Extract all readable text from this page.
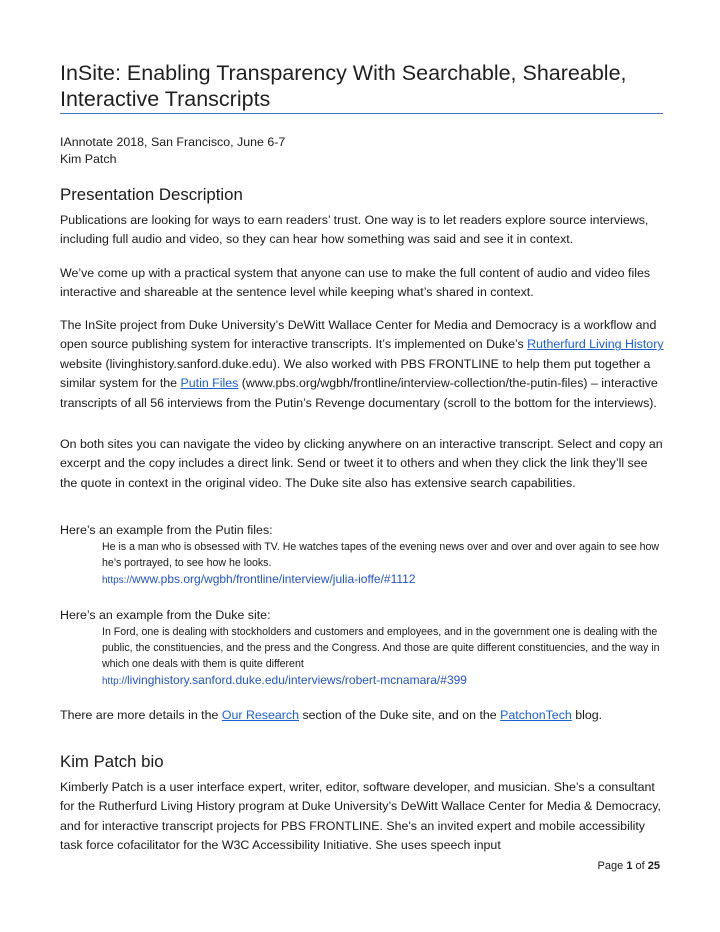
InSite: Enabling Transparency With Searchable, Shareable, Interactive Transcripts
IAnnotate 2018, San Francisco, June 6-7
Kim Patch
Presentation Description

Publications are looking for ways to earn readers’ trust. One way is to let readers explore source interviews, including full audio and video, so they can hear how something was said and see it in context.

We’ve come up with a practical system that anyone can use to make the full content of audio and video files interactive and shareable at the sentence level while keeping what’s shared in context.

The InSite project from Duke University’s DeWitt Wallace Center for Media and Democracy is a workflow and open source publishing system for interactive transcripts. It’s implemented on Duke’s Rutherfurd Living History website (livinghistory.sanford.duke.edu). We also worked with PBS FRONTLINE to help them put together a similar system for the Putin Files (www.pbs.org/wgbh/frontline/interview-collection/the-putin-files) – interactive transcripts of all 56 interviews from the Putin’s Revenge documentary (scroll to the bottom for the interviews).

On both sites you can navigate the video by clicking anywhere on an interactive transcript. Select and copy an excerpt and the copy includes a direct link. Send or tweet it to others and when they click the link they’ll see the quote in context in the original video. The Duke site also has extensive search capabilities.

Here’s an example from the Putin files:

He is a man who is obsessed with TV. He watches tapes of the evening news over and over and over again to see how he’s portrayed, to see how he looks.

https://www.pbs.org/wgbh/frontline/interview/julia-ioffe/#1112

Here’s an example from the Duke site:

In Ford, one is dealing with stockholders and customers and employees, and in the government one is dealing with the public, the constituencies, and the press and the Congress. And those are quite different constituencies, and the way in which one deals with them is quite different

http://livinghistory.sanford.duke.edu/interviews/robert-mcnamara/#399

There are more details in the Our Research section of the Duke site, and on the PatchonTech blog.

Kim Patch bio

Kimberly Patch is a user interface expert, writer, editor, software developer, and musician. She’s a consultant for the Rutherfurd Living History program at Duke University’s DeWitt Wallace Center for Media & Democracy, and for interactive transcript projects for PBS FRONTLINE. She's an invited expert and mobile accessibility task force cofacilitator for the W3C Accessibility Initiative. She uses speech input

Page 1 of 25
